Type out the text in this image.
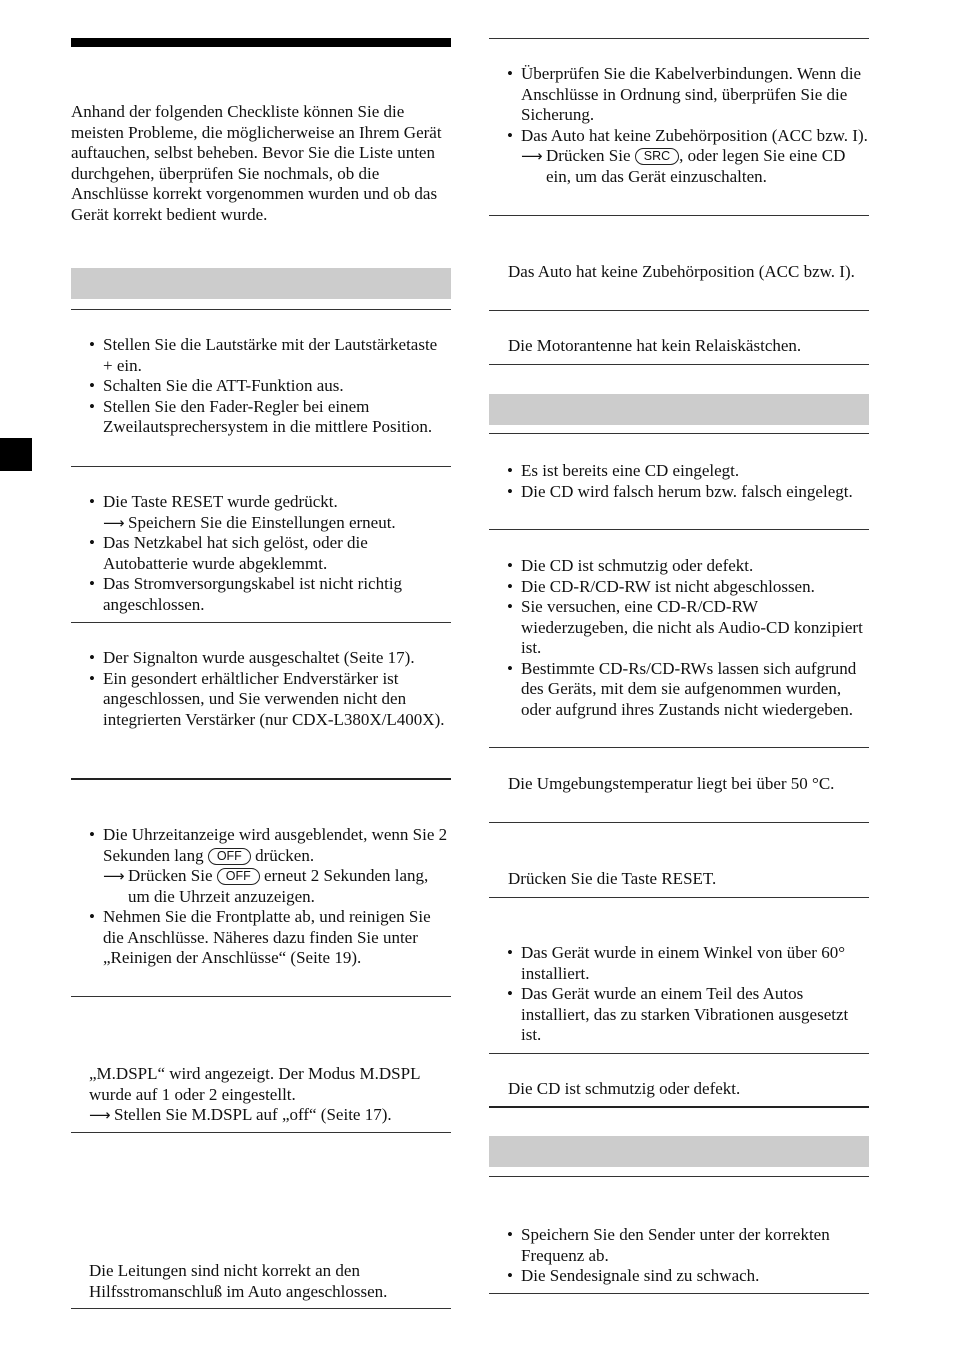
Anhand der folgenden Checkliste können Sie die meisten Probleme, die möglicherweise an Ihrem Gerät auftauchen, selbst beheben. Bevor Sie die Liste unten durchgehen, überprüfen Sie nochmals, ob die Anschlüsse korrekt vorgenommen wurden und ob das Gerät korrekt bedient wurde.
• Stellen Sie die Lautstärke mit der Lautstärketaste + ein.
• Schalten Sie die ATT-Funktion aus.
• Stellen Sie den Fader-Regler bei einem Zweilautsprechersystem in die mittlere Position.
• Die Taste RESET wurde gedrückt.
⟶ Speichern Sie die Einstellungen erneut.
• Das Netzkabel hat sich gelöst, oder die Autobatterie wurde abgeklemmt.
• Das Stromversorgungskabel ist nicht richtig angeschlossen.
• Der Signalton wurde ausgeschaltet (Seite 17).
• Ein gesondert erhältlicher Endverstärker ist angeschlossen, und Sie verwenden nicht den integrierten Verstärker (nur CDX-L380X/L400X).
• Die Uhrzeitanzeige wird ausgeblendet, wenn Sie 2 Sekunden lang OFF drücken.
⟶ Drücken Sie OFF erneut 2 Sekunden lang, um die Uhrzeit anzuzeigen.
• Nehmen Sie die Frontplatte ab, und reinigen Sie die Anschlüsse. Näheres dazu finden Sie unter „Reinigen der Anschlüsse“ (Seite 19).
„M.DSPL“ wird angezeigt. Der Modus M.DSPL wurde auf 1 oder 2 eingestellt.
⟶ Stellen Sie M.DSPL auf „off“ (Seite 17).
Die Leitungen sind nicht korrekt an den Hilfsstromanschluß im Auto angeschlossen.
• Überprüfen Sie die Kabelverbindungen. Wenn die Anschlüsse in Ordnung sind, überprüfen Sie die Sicherung.
• Das Auto hat keine Zubehörposition (ACC bzw. I).
⟶ Drücken Sie SRC , oder legen Sie eine CD ein, um das Gerät einzuschalten.
Das Auto hat keine Zubehörposition (ACC bzw. I).
Die Motorantenne hat kein Relaiskästchen.
• Es ist bereits eine CD eingelegt.
• Die CD wird falsch herum bzw. falsch eingelegt.
• Die CD ist schmutzig oder defekt.
• Die CD-R/CD-RW ist nicht abgeschlossen.
• Sie versuchen, eine CD-R/CD-RW wiederzugeben, die nicht als Audio-CD konzipiert ist.
• Bestimmte CD-Rs/CD-RWs lassen sich aufgrund des Geräts, mit dem sie aufgenommen wurden, oder aufgrund ihres Zustands nicht wiedergeben.
Die Umgebungstemperatur liegt bei über 50 °C.
Drücken Sie die Taste RESET.
• Das Gerät wurde in einem Winkel von über 60° installiert.
• Das Gerät wurde an einem Teil des Autos installiert, das zu starken Vibrationen ausgesetzt ist.
Die CD ist schmutzig oder defekt.
• Speichern Sie den Sender unter der korrekten Frequenz ab.
• Die Sendesignale sind zu schwach.
